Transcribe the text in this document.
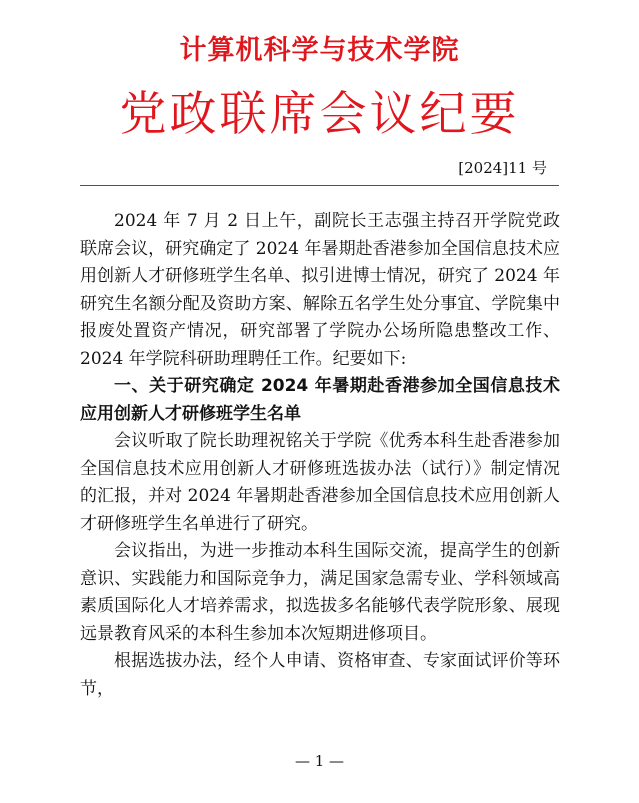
计算机科学与技术学院
党政联席会议纪要
[2024]11 号

2024 年 7 月 2 日上午，副院长王志强主持召开学院党政联席会议，研究确定了 2024 年暑期赴香港参加全国信息技术应用创新人才研修班学生名单、拟引进博士情况，研究了 2024 年研究生名额分配及资助方案、解除五名学生处分事宜、学院集中报废处置资产情况，研究部署了学院办公场所隐患整改工作、2024 年学院科研助理聘任工作。纪要如下:

一、关于研究确定 2024 年暑期赴香港参加全国信息技术应用创新人才研修班学生名单

会议听取了院长助理祝铭关于学院《优秀本科生赴香港参加全国信息技术应用创新人才研修班选拔办法（试行）》制定情况的汇报，并对 2024 年暑期赴香港参加全国信息技术应用创新人才研修班学生名单进行了研究。

会议指出，为进一步推动本科生国际交流，提高学生的创新意识、实践能力和国际竞争力，满足国家急需专业、学科领域高素质国际化人才培养需求，拟选拔多名能够代表学院形象、展现远景教育风采的本科生参加本次短期进修项目。

根据选拔办法，经个人申请、资格审查、专家面试评价等环节，

— 1 —
